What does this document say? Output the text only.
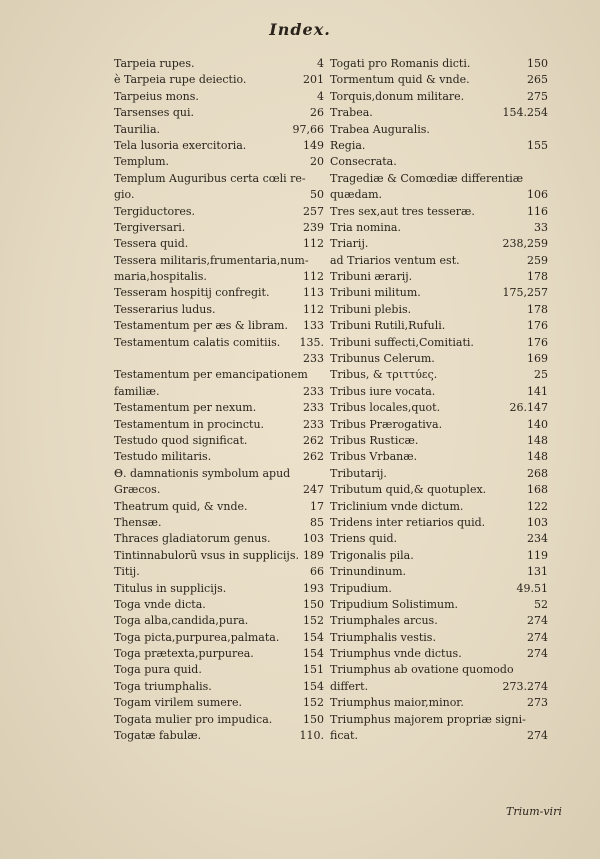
Index.
Tarpeia rupes.	4
è Tarpeia rupe deiectio.	201
Tarpeius mons.	4
Tarsenses qui.	26
Taurilia.	97,66
Tela lusoria exercitoria.	149
Templum.	20
Templum Auguribus certa cœli re-
gio.	50
Tergiductores.	257
Tergiversari.	239
Tessera quid.	112
Tessera militaris,frumentaria,num-
maria,hospitalis.	112
Tesseram hospitij confregit.	113
Tesserarius ludus.	112
Testamentum per æs & libram. 133
Testamentum calatis comitiis. 135.
233
Testamentum per emancipationem
familiæ.	233
Testamentum per nexum.	233
Testamentum in procinctu.	233
Testudo quod significat.	262
Testudo militaris.	262
Θ. damnationis symbolum apud
Græcos.	247
Theatrum quid, & vnde.	17
Thensæ.	85
Thraces gladiatorum genus.	103
Tintinnabulorũ vsus in supplicijs. 189
Titij.	66
Titulus in supplicijs.	193
Toga vnde dicta.	150
Toga alba,candida,pura.	152
Toga picta,purpurea,palmata. 154
Toga prætexta,purpurea.	154
Toga pura quid.	151
Toga triumphalis.	154
Togam virilem sumere.	152
Togata mulier pro impudica.	150
Togatæ fabulæ.	110.
Togati pro Romanis dicti.	150
Tormentum quid & vnde.	265
Torquis,donum militare.	275
Trabea.	154.254
Trabea Auguralis.
Regia.	155
Consecrata.
Tragediæ & Comœdiæ differentiæ
quædam.	106
Tres sex,aut tres tesseræ.	116
Tria nomina.	33
Triarij.	238,259
ad Triarios ventum est.	259
Tribuni ærarij.	178
Tribuni militum.	175,257
Tribuni plebis.	178
Tribuni Rutili,Rufuli.	176
Tribuni suffecti,Comitiati.	176
Tribunus Celerum.	169
Tribus, & τριττύες.	25
Tribus iure vocata.	141
Tribus locales,quot.	26.147
Tribus Prærogativa.	140
Tribus Rusticæ.	148
Tribus Vrbanæ.	148
Tributarij.	268
Tributum quid,& quotuplex.	168
Triclinium vnde dictum.	122
Tridens inter retiarios quid.	103
Triens quid.	234
Trigonalis pila.	119
Trinundinum.	131
Tripudium.	49.51
Tripudium Solistimum.	52
Triumphales arcus.	274
Triumphalis vestis.	274
Triumphus vnde dictus.	274
Triumphus ab ovatione quomodo
differt.	273.274
Triumphus maior,minor.	273
Triumphus majorem propriæ signi-
ficat.	274
Trium-viri
